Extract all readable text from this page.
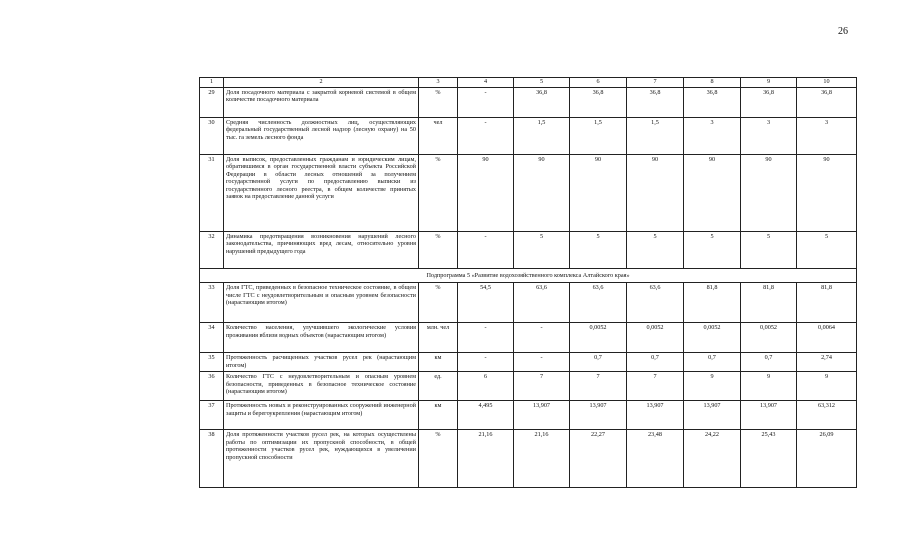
26
1	2	3	4	5	6	7	8	9	10
29	Доля посадочного материала с закрытой корневой системой в общем количестве посадочного материала	%	-	36,8	36,8	36,8	36,8	36,8	36,8
30	Средняя численность должностных лиц, осуществляющих федеральный государственный лесной надзор (лесную охрану) на 50 тыс. га земель лесного фонда	чел	-	1,5	1,5	1,5	3	3	3
31	Доля выписок, предоставленных гражданам и юридическим лицам, обратившимся в орган государственной власти субъекта Российской Федерации в области лесных отношений за получением государственной услуги по предоставлению выписки из государственного лесного реестра, в общем количестве принятых заявок на предоставление данной услуги	%	90	90	90	90	90	90	90
32	Динамика предотвращения возникновения нарушений лесного законодательства, причиняющих вред лесам, относительно уровня нарушений предыдущего года	%	-	5	5	5	5	5	5
Подпрограмма 5 «Развитие водохозяйственного комплекса Алтайского края»									
33	Доля ГТС, приведенных в безопасное техническое состояние, в общем числе ГТС с неудовлетворительным и опасным уровнем безопасности (нарастающим итогом)	%	54,5	63,6	63,6	63,6	81,8	81,8	81,8
34	Количество населения, улучшившего экологические условия проживания вблизи водных объектов (нарастающим итогом)	млн. чел	-	-	0,0052	0,0052	0,0052	0,0052	0,0064
35	Протяженность расчищенных участков русел рек (нарастающим итогом)	км	-	-	0,7	0,7	0,7	0,7	2,74
36	Количество ГТС с неудовлетворительным и опасным уровнем безопасности, приведенных в безопасное техническое состояние (нарастающим итогом)	ед.	6	7	7	7	9	9	9
37	Протяженность новых и реконструированных сооружений инженерной защиты и берегоукрепления (нарастающим итогом)	км	4,495	13,907	13,907	13,907	13,907	13,907	63,312
38	Доля протяженности участков русел рек, на которых осуществлены работы по оптимизации их пропускной способности, в общей протяженности участков русел рек, нуждающихся в увеличении пропускной способности	%	21,16	21,16	22,27	23,48	24,22	25,43	26,09
